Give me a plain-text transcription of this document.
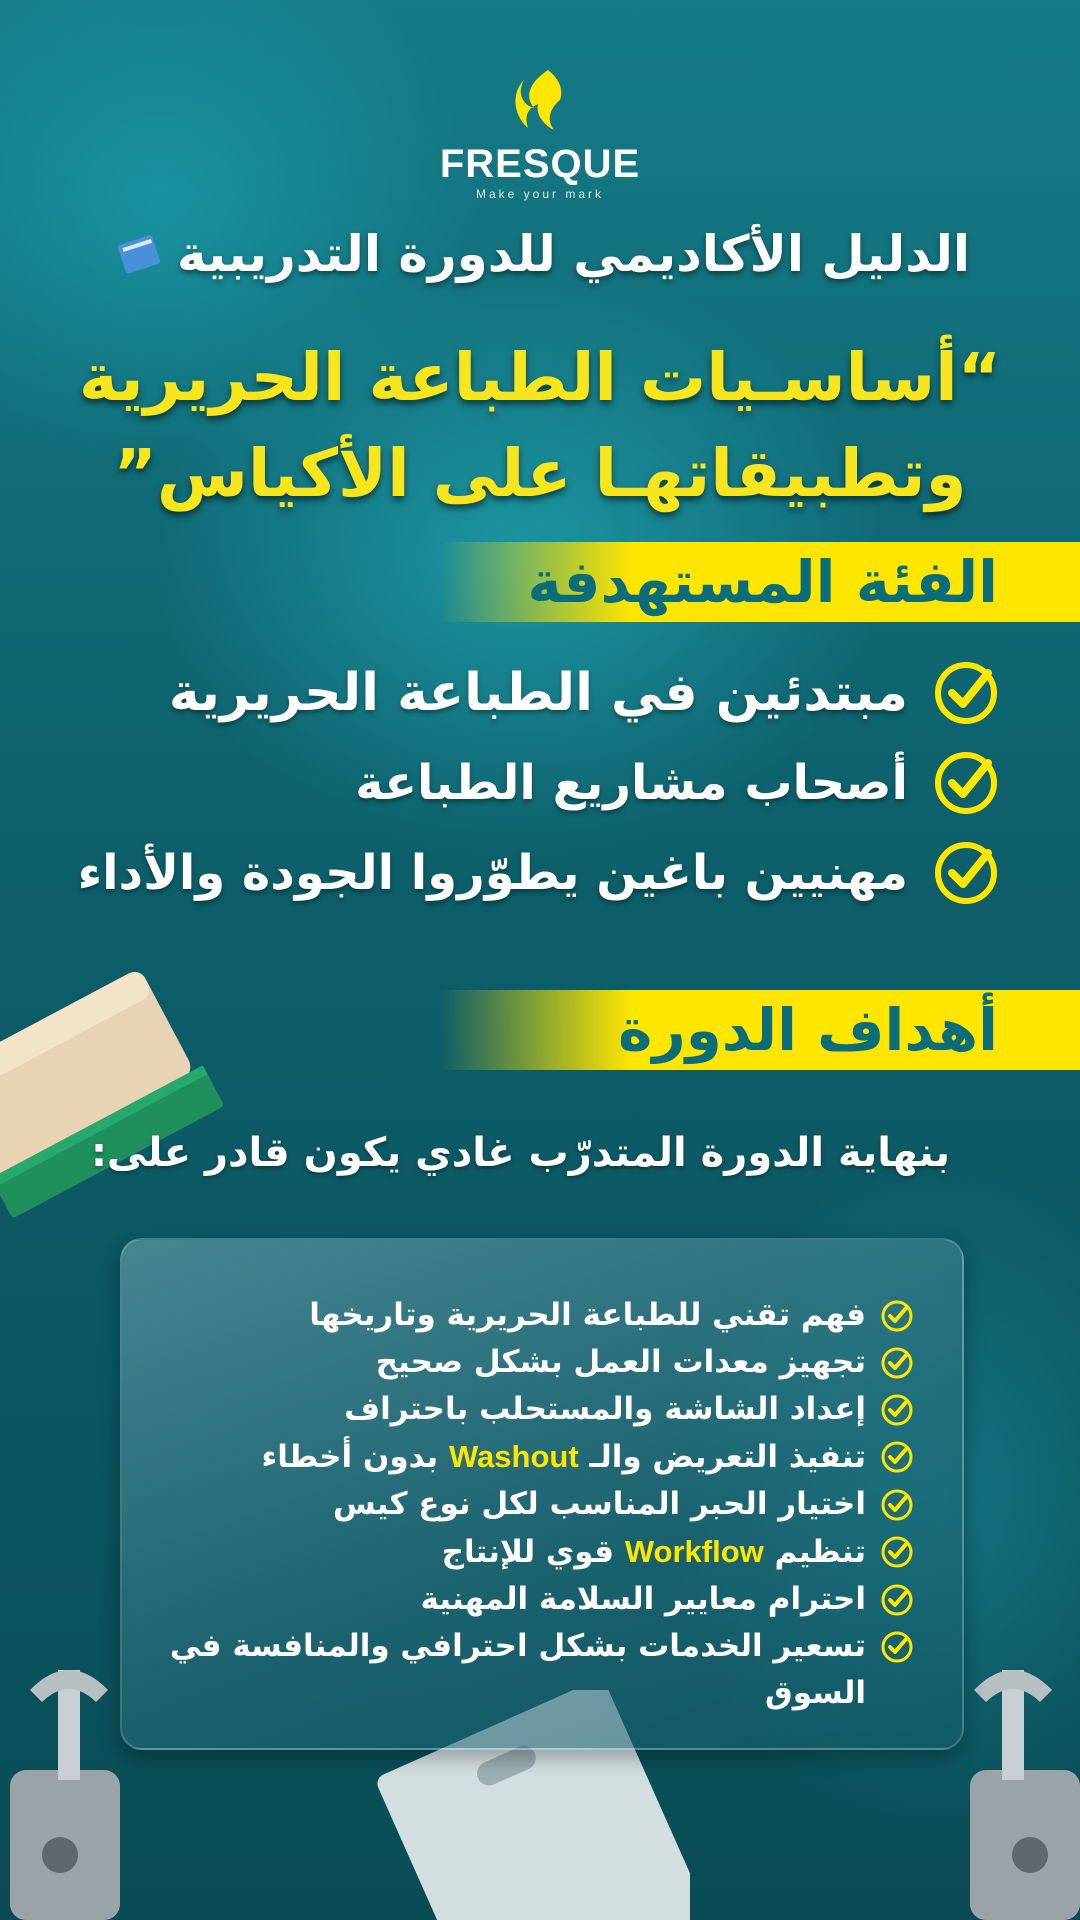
FRESQUE
Make your mark
الدليل الأكاديمي للدورة التدريبية
“أساسـيات الطباعة الحريرية
وتطبيقاتهـا على الأكياس”
الفئة المستهدفة
مبتدئين في الطباعة الحريرية
أصحاب مشاريع الطباعة
مهنيين باغين يطوّروا الجودة والأداء
أهداف الدورة
بنهاية الدورة المتدرّب غادي يكون قادر على:
فهم تقني للطباعة الحريرية وتاريخها
تجهيز معدات العمل بشكل صحيح
إعداد الشاشة والمستحلب باحتراف
تنفيذ التعريض والـ Washout بدون أخطاء
اختيار الحبر المناسب لكل نوع كيس
تنظيم Workflow قوي للإنتاج
احترام معايير السلامة المهنية
تسعير الخدمات بشكل احترافي والمنافسة في السوق
